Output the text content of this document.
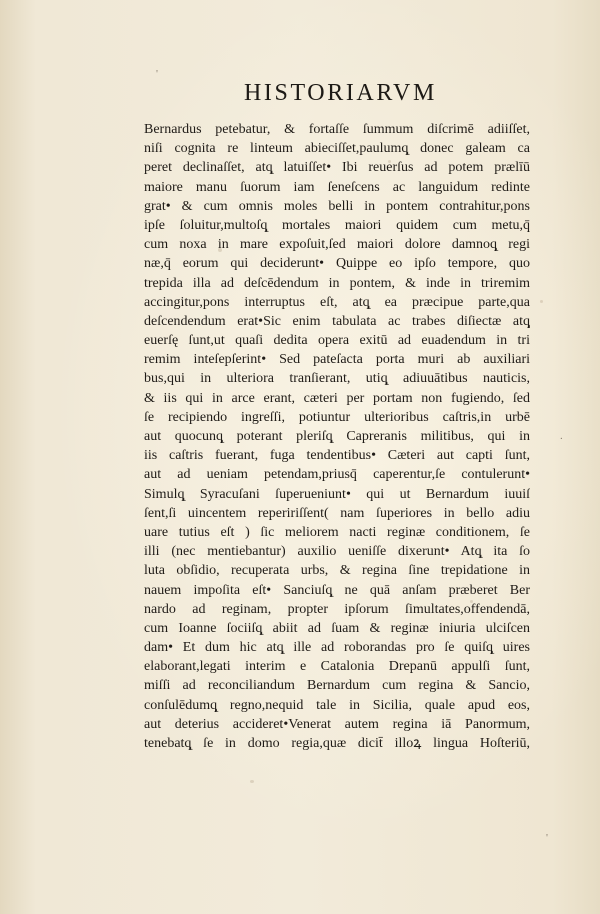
'
.
'
HISTORIARVM
Bernardus petebatur, & fortaſſe ſummum diſcrimē adiiſſet,
niſi cognita re linteum abieciſſet,paulumq̨ donec galeam ca
peret declinaſſet, atq̨ latuiſſet• Ibi reuerſus ad potem prælīū
maiore manu ſuorum iam ſeneſcens ac languidum redinte
grat• & cum omnis moles belli in pontem contrahitur,pons
ipſe ſoluitur,multoſq̨ mortales maiori quidem cum metu,q̄
cum noxa in mare expoſuit,ſed maiori dolore damnoq̨ regi
næ,q̄ eorum qui deciderunt• Quippe eo ipſo tempore, quo
trepida illa ad deſcēdendum in pontem, & inde in triremim
accingitur,pons interruptus eſt, atq̨ ea præcipue parte,qua
deſcendendum erat•Sic enim tabulata ac trabes diſiectæ atq̨
euerſę ſunt,ut quaſi dedita opera exitū ad euadendum in tri
remim inteſepſerint• Sed pateſacta porta muri ab auxiliari
bus,qui in ulteriora tranſierant, utiq̨ adiuuātibus nauticis,
& iis qui in arce erant, cæteri per portam non fugiendo, ſed
ſe recipiendo ingreſſi, potiuntur ulterioribus caſtris,in urbē
aut quocunq̨ poterant pleriſq̨ Capreranis militibus, qui in
iis caſtris fuerant, fuga tendentibus• Cæteri aut capti ſunt,
aut ad ueniam petendam,priusq̄ caperentur,ſe contulerunt•
Simulq̨ Syracuſani ſuperueniunt• qui ut Bernardum iuuiſ
ſent,ſi uincentem repeririſſent( nam ſuperiores in bello adiu
uare tutius eſt ) ſic meliorem nacti reginæ conditionem, ſe
illi (nec mentiebantur) auxilio ueniſſe dixerunt• Atq̨ ita ſo
luta obſidio, recuperata urbs, & regina ſine trepidatione in
nauem impoſita eſt• Sanciuſq̨ ne quā anſam præberet Ber
nardo ad reginam, propter ipſorum ſimultates,offendendā,
cum Ioanne ſociiſq̨ abiit ad ſuam & reginæ iniuria ulciſcen
dam• Et dum hic atq̨ ille ad roborandas pro ſe quiſq̨ uires
elaborant,legati interim e Catalonia Drepanū appulſi ſunt,
miſſi ad reconciliandum Bernardum cum regina & Sancio,
conſulēdumq̨ regno,nequid tale in Sicilia, quale apud eos,
aut deterius accideret•Venerat autem regina iā Panormum,
tenebatq̨ ſe in domo regia,quæ dicit̄ illoꝝ lingua Hoſteriū,
